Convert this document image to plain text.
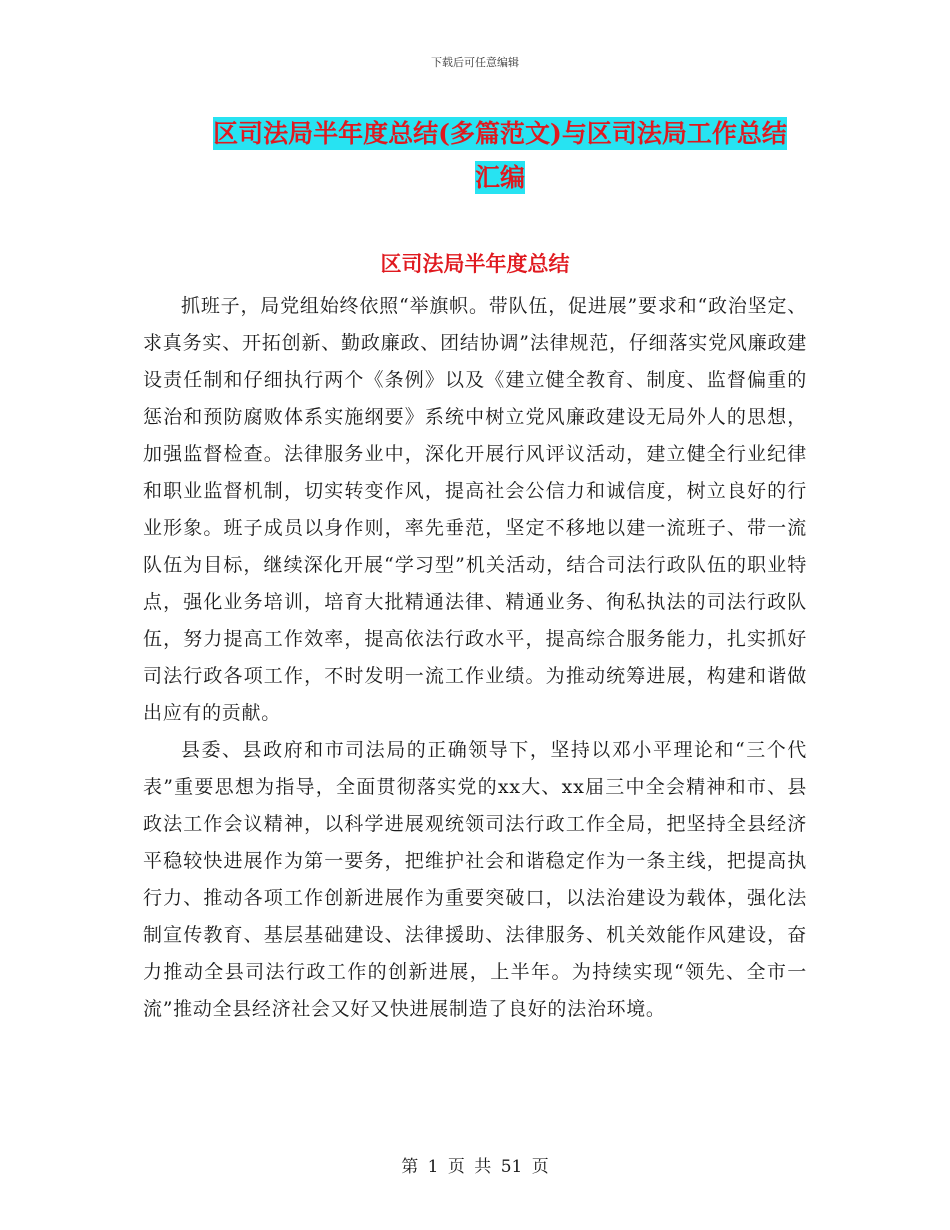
下载后可任意编辑
区司法局半年度总结(多篇范文)与区司法局工作总结
汇编
区司法局半年度总结

抓班子，局党组始终依照“举旗帜。带队伍，促进展”要求和“政治坚定、求真务实、开拓创新、勤政廉政、团结协调”法律规范，仔细落实党风廉政建设责任制和仔细执行两个《条例》以及《建立健全教育、制度、监督偏重的惩治和预防腐败体系实施纲要》系统中树立党风廉政建设无局外人的思想，加强监督检查。法律服务业中，深化开展行风评议活动，建立健全行业纪律和职业监督机制，切实转变作风，提高社会公信力和诚信度，树立良好的行业形象。班子成员以身作则，率先垂范，坚定不移地以建一流班子、带一流队伍为目标，继续深化开展“学习型”机关活动，结合司法行政队伍的职业特点，强化业务培训，培育大批精通法律、精通业务、徇私执法的司法行政队伍，努力提高工作效率，提高依法行政水平，提高综合服务能力，扎实抓好司法行政各项工作，不时发明一流工作业绩。为推动统筹进展，构建和谐做出应有的贡献。

县委、县政府和市司法局的正确领导下，坚持以邓小平理论和“三个代表”重要思想为指导，全面贯彻落实党的xx大、xx届三中全会精神和市、县政法工作会议精神，以科学进展观统领司法行政工作全局，把坚持全县经济平稳较快进展作为第一要务，把维护社会和谐稳定作为一条主线，把提高执行力、推动各项工作创新进展作为重要突破口，以法治建设为载体，强化法制宣传教育、基层基础建设、法律援助、法律服务、机关效能作风建设，奋力推动全县司法行政工作的创新进展，上半年。为持续实现“领先、全市一流”推动全县经济社会又好又快进展制造了良好的法治环境。

第 1 页 共 51 页
